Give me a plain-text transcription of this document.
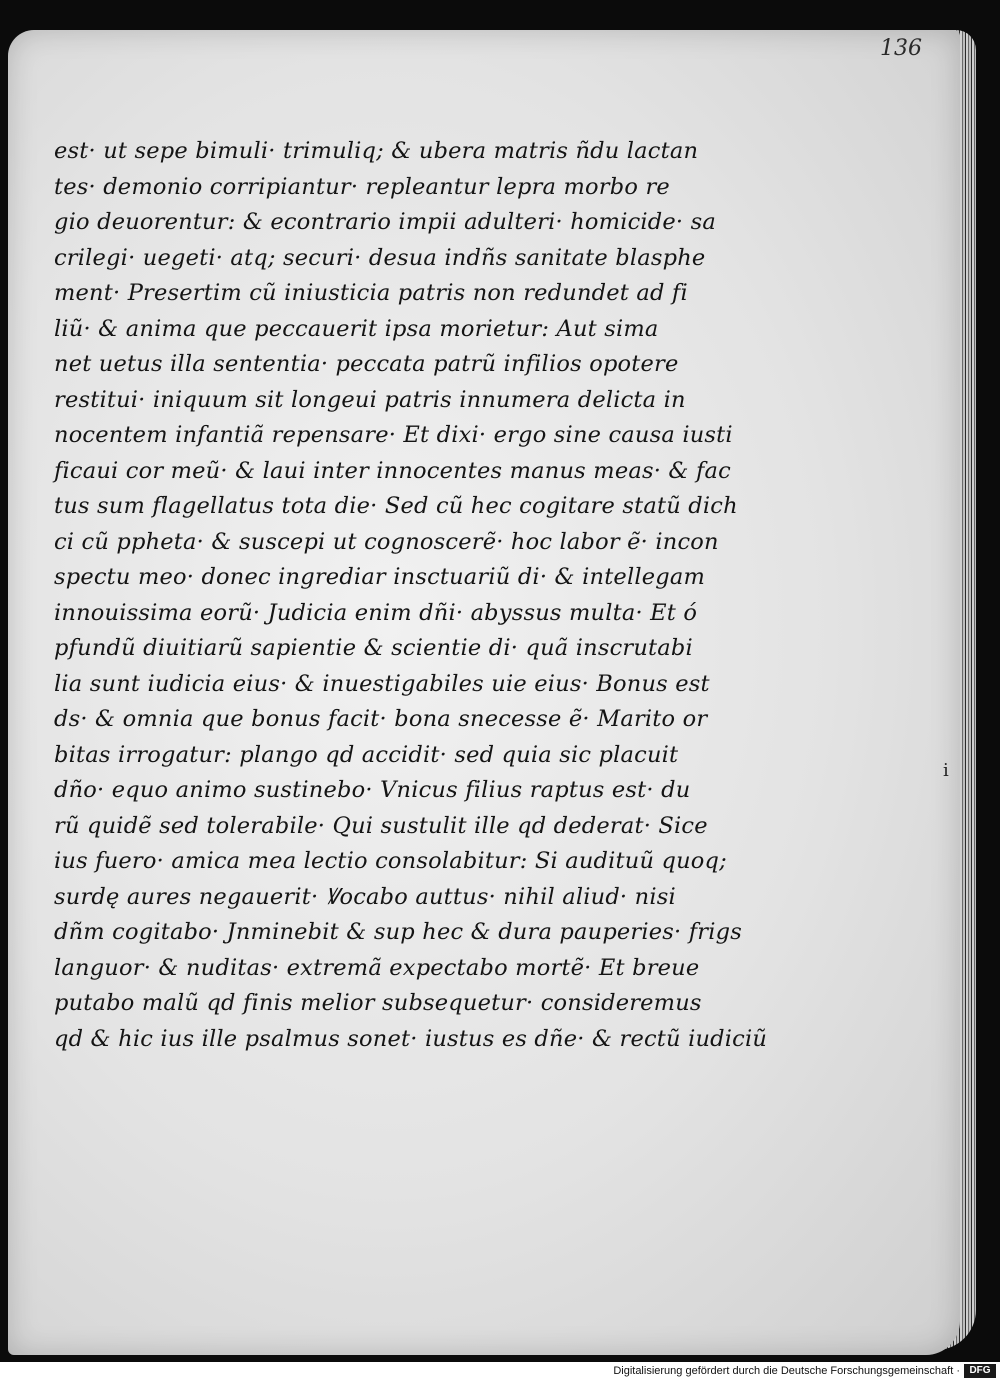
136
est· ut sepe bimuli· trimuliq; & ubera matris ñdu lactan
tes· demonio corripiantur· repleantur lepra morbo re
gio deuorentur: & econtrario impii adulteri· homicide· sa
crilegi· uegeti· atq; securi· desua indñs sanitate blasphe
ment· Presertim cũ iniusticia patris non redundet ad fi
liũ· & anima que peccauerit ipsa morietur: Aut sima
net uetus illa sententia· peccata patrũ infilios opotere
restitui· iniquum sit longeui patris innumera delicta in
nocentem infantiã repensare· Et dixi· ergo sine causa iusti
ficaui cor meũ· & laui inter innocentes manus meas· & fac
tus sum flagellatus tota die· Sed cũ hec cogitare statũ dich
ci cũ ppheta· & suscepi ut cognoscerẽ· hoc labor ẽ· incon
spectu meo· donec ingrediar insctuariũ di· & intellegam
innouissima eorũ· Judicia enim dñi· abyssus multa· Et ó
pfundũ diuitiarũ sapientie & scientie di· quã inscrutabi
lia sunt iudicia eius· & inuestigabiles uie eius· Bonus est
ds· & omnia que bonus facit· bona snecesse ẽ· Marito or
bitas irrogatur: plango qd accidit· sed quia sic placuit
dño· equo animo sustinebo· Vnicus filius raptus est· du
rũ quidẽ sed tolerabile· Qui sustulit ille qd dederat· Sice
ius fuero· amica mea lectio consolabitur: Si audituũ quoq;
surdę aures negauerit· Ꝟocabo auttus· nihil aliud· nisi
dñm cogitabo· Jnminebit & sup hec & dura pauperies· frigs
languor· & nuditas· extremã expectabo mortẽ· Et breue
putabo malũ qd finis melior subsequetur· consideremus
qd & hic ius ille psalmus sonet· iustus es dñe· & rectũ iudiciũ
i
Digitalisierung gefördert durch die Deutsche Forschungsgemeinschaft · DFG
